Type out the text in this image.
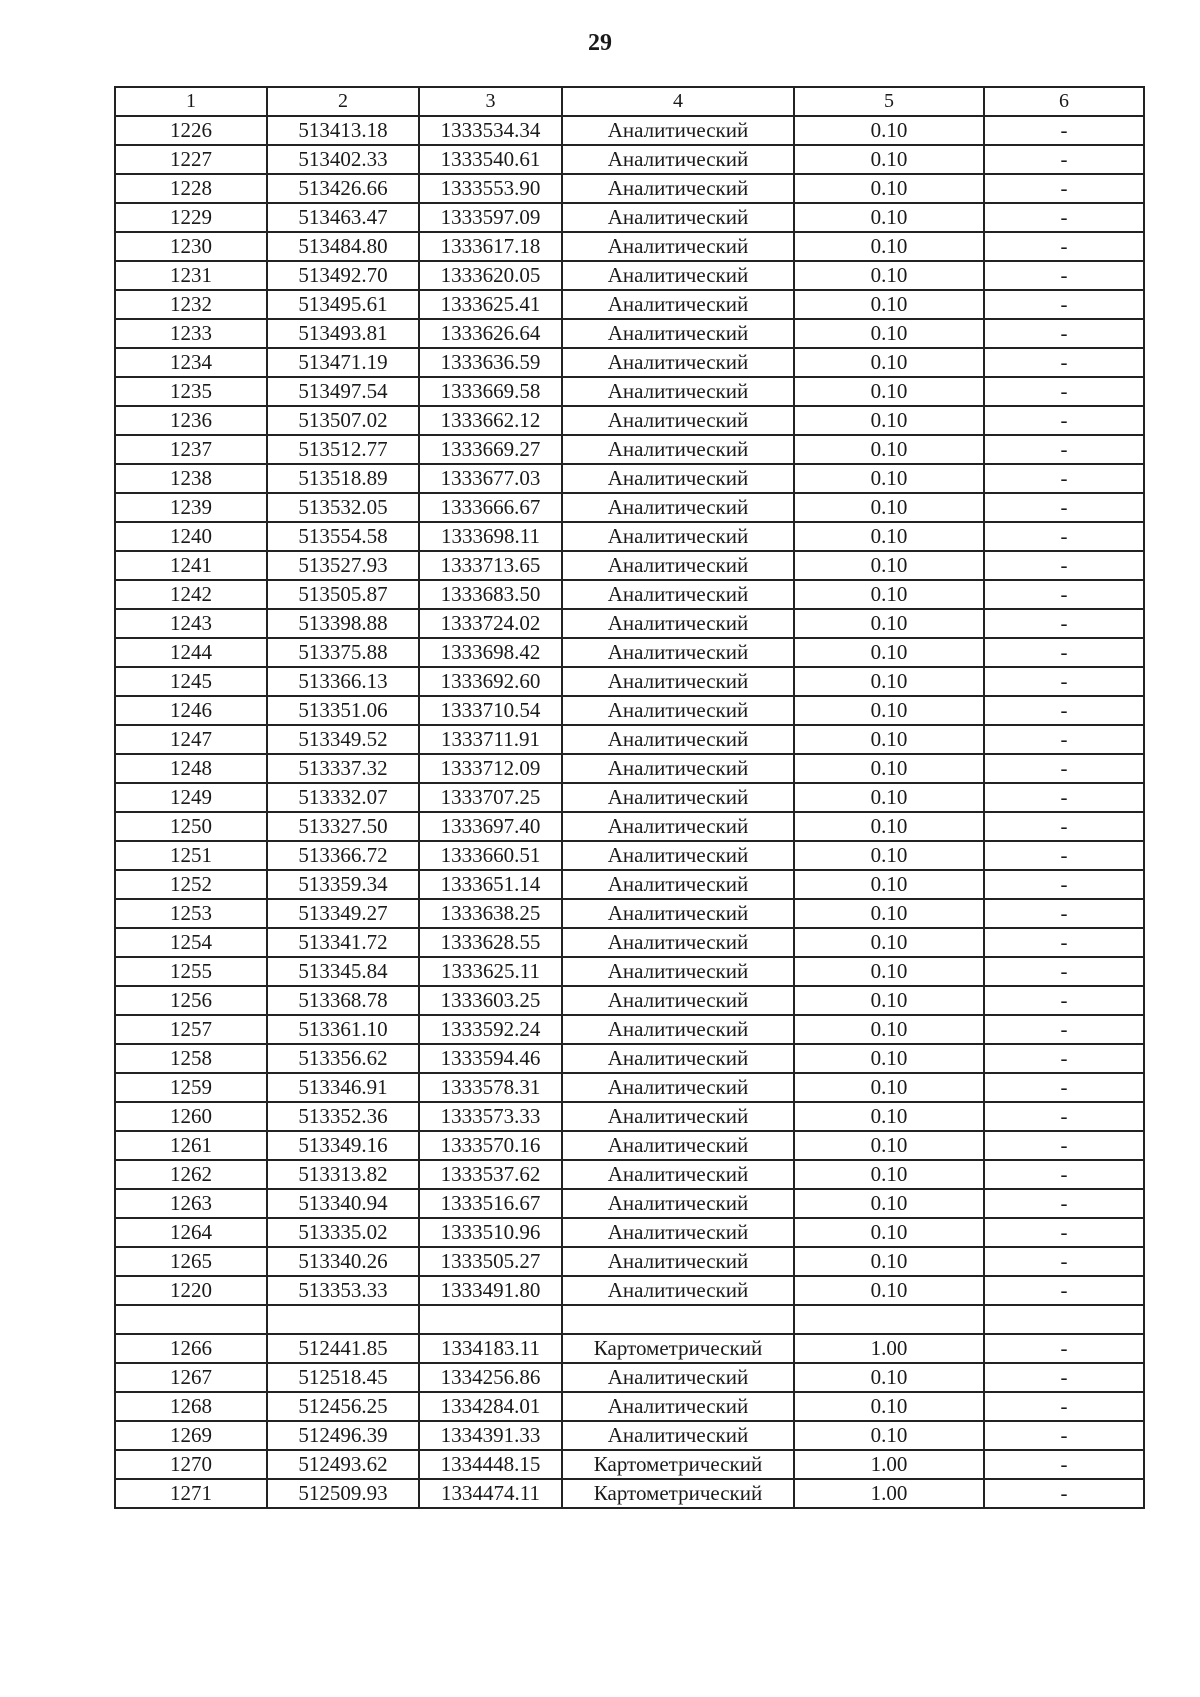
29
1	2	3	4	5	6
1226	513413.18	1333534.34	Аналитический	0.10	-
1227	513402.33	1333540.61	Аналитический	0.10	-
1228	513426.66	1333553.90	Аналитический	0.10	-
1229	513463.47	1333597.09	Аналитический	0.10	-
1230	513484.80	1333617.18	Аналитический	0.10	-
1231	513492.70	1333620.05	Аналитический	0.10	-
1232	513495.61	1333625.41	Аналитический	0.10	-
1233	513493.81	1333626.64	Аналитический	0.10	-
1234	513471.19	1333636.59	Аналитический	0.10	-
1235	513497.54	1333669.58	Аналитический	0.10	-
1236	513507.02	1333662.12	Аналитический	0.10	-
1237	513512.77	1333669.27	Аналитический	0.10	-
1238	513518.89	1333677.03	Аналитический	0.10	-
1239	513532.05	1333666.67	Аналитический	0.10	-
1240	513554.58	1333698.11	Аналитический	0.10	-
1241	513527.93	1333713.65	Аналитический	0.10	-
1242	513505.87	1333683.50	Аналитический	0.10	-
1243	513398.88	1333724.02	Аналитический	0.10	-
1244	513375.88	1333698.42	Аналитический	0.10	-
1245	513366.13	1333692.60	Аналитический	0.10	-
1246	513351.06	1333710.54	Аналитический	0.10	-
1247	513349.52	1333711.91	Аналитический	0.10	-
1248	513337.32	1333712.09	Аналитический	0.10	-
1249	513332.07	1333707.25	Аналитический	0.10	-
1250	513327.50	1333697.40	Аналитический	0.10	-
1251	513366.72	1333660.51	Аналитический	0.10	-
1252	513359.34	1333651.14	Аналитический	0.10	-
1253	513349.27	1333638.25	Аналитический	0.10	-
1254	513341.72	1333628.55	Аналитический	0.10	-
1255	513345.84	1333625.11	Аналитический	0.10	-
1256	513368.78	1333603.25	Аналитический	0.10	-
1257	513361.10	1333592.24	Аналитический	0.10	-
1258	513356.62	1333594.46	Аналитический	0.10	-
1259	513346.91	1333578.31	Аналитический	0.10	-
1260	513352.36	1333573.33	Аналитический	0.10	-
1261	513349.16	1333570.16	Аналитический	0.10	-
1262	513313.82	1333537.62	Аналитический	0.10	-
1263	513340.94	1333516.67	Аналитический	0.10	-
1264	513335.02	1333510.96	Аналитический	0.10	-
1265	513340.26	1333505.27	Аналитический	0.10	-
1220	513353.33	1333491.80	Аналитический	0.10	-

1266	512441.85	1334183.11	Картометрический	1.00	-
1267	512518.45	1334256.86	Аналитический	0.10	-
1268	512456.25	1334284.01	Аналитический	0.10	-
1269	512496.39	1334391.33	Аналитический	0.10	-
1270	512493.62	1334448.15	Картометрический	1.00	-
1271	512509.93	1334474.11	Картометрический	1.00	-
